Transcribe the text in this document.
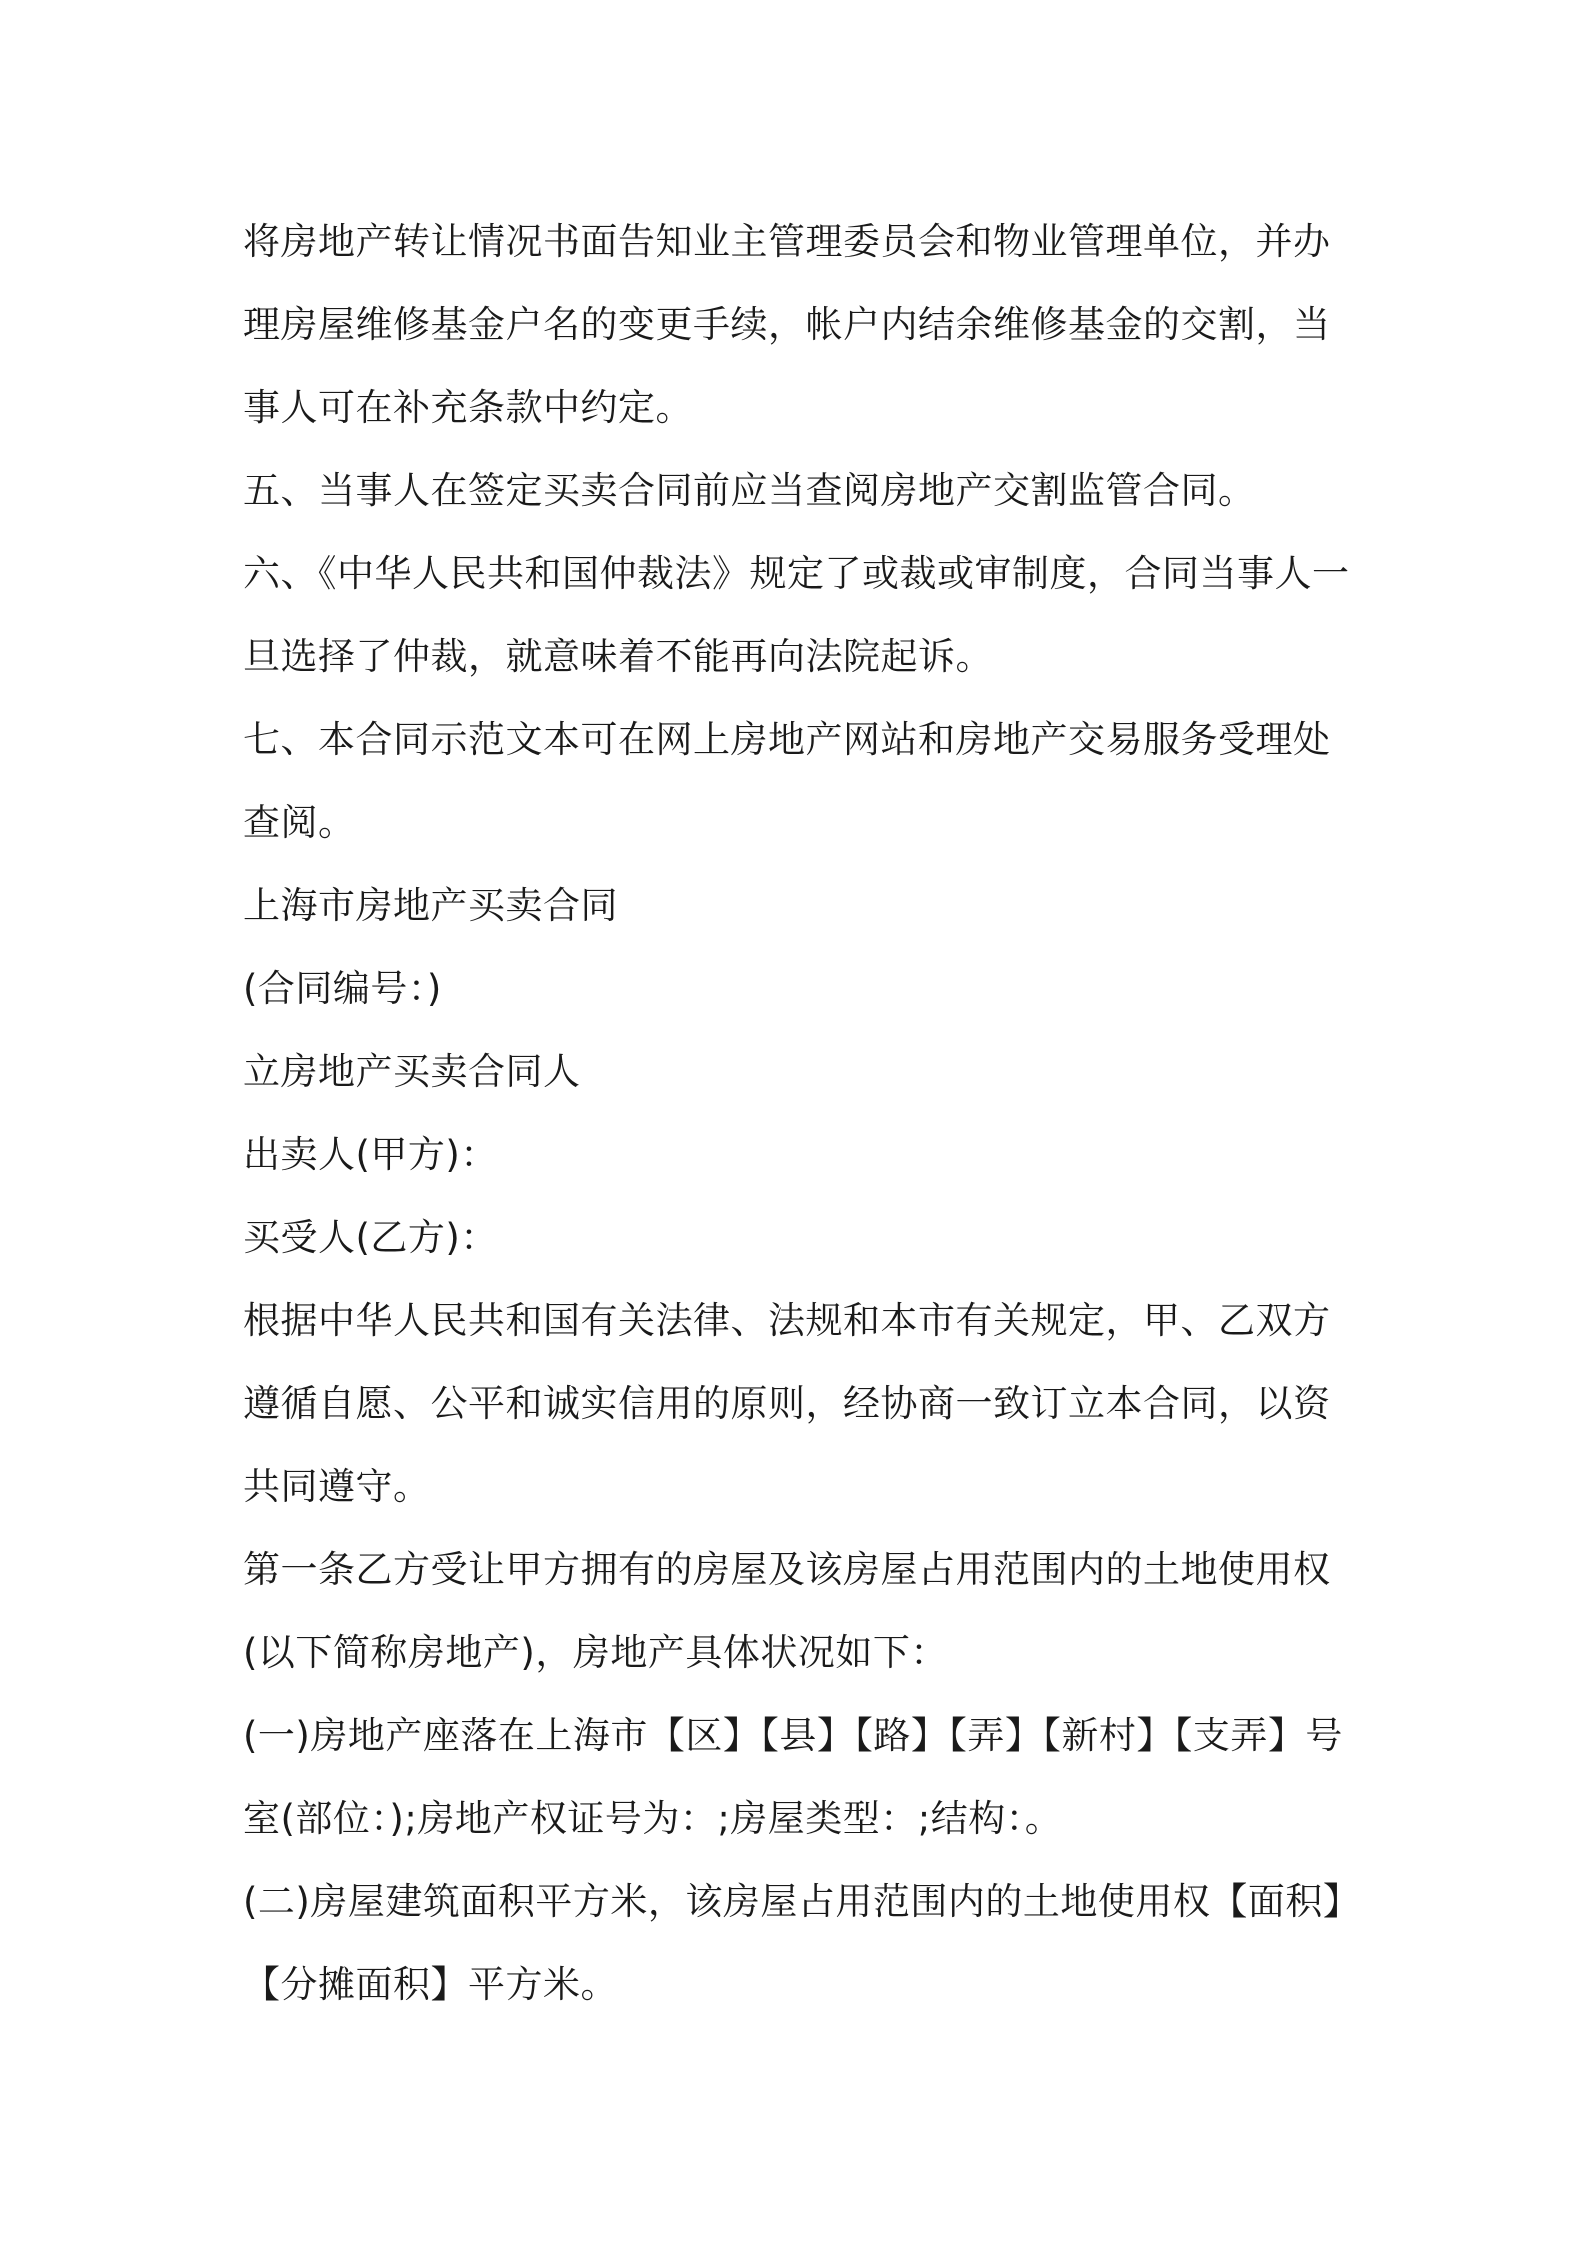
将房地产转让情况书面告知业主管理委员会和物业管理单位，并办理房屋维修基金户名的变更手续，帐户内结余维修基金的交割，当事人可在补充条款中约定。

五、当事人在签定买卖合同前应当查阅房地产交割监管合同。

六、《中华人民共和国仲裁法》规定了或裁或审制度，合同当事人一旦选择了仲裁，就意味着不能再向法院起诉。

七、本合同示范文本可在网上房地产网站和房地产交易服务受理处查阅。

上海市房地产买卖合同

(合同编号：)

立房地产买卖合同人

出卖人(甲方)：

买受人(乙方)：

根据中华人民共和国有关法律、法规和本市有关规定，甲、乙双方遵循自愿、公平和诚实信用的原则，经协商一致订立本合同，以资共同遵守。

第一条乙方受让甲方拥有的房屋及该房屋占用范围内的土地使用权(以下简称房地产)，房地产具体状况如下：

(一)房地产座落在上海市【区】【县】【路】【弄】【新村】【支弄】号室(部位：);房地产权证号为：;房屋类型：;结构：。

(二)房屋建筑面积平方米，该房屋占用范围内的土地使用权【面积】【分摊面积】平方米。
